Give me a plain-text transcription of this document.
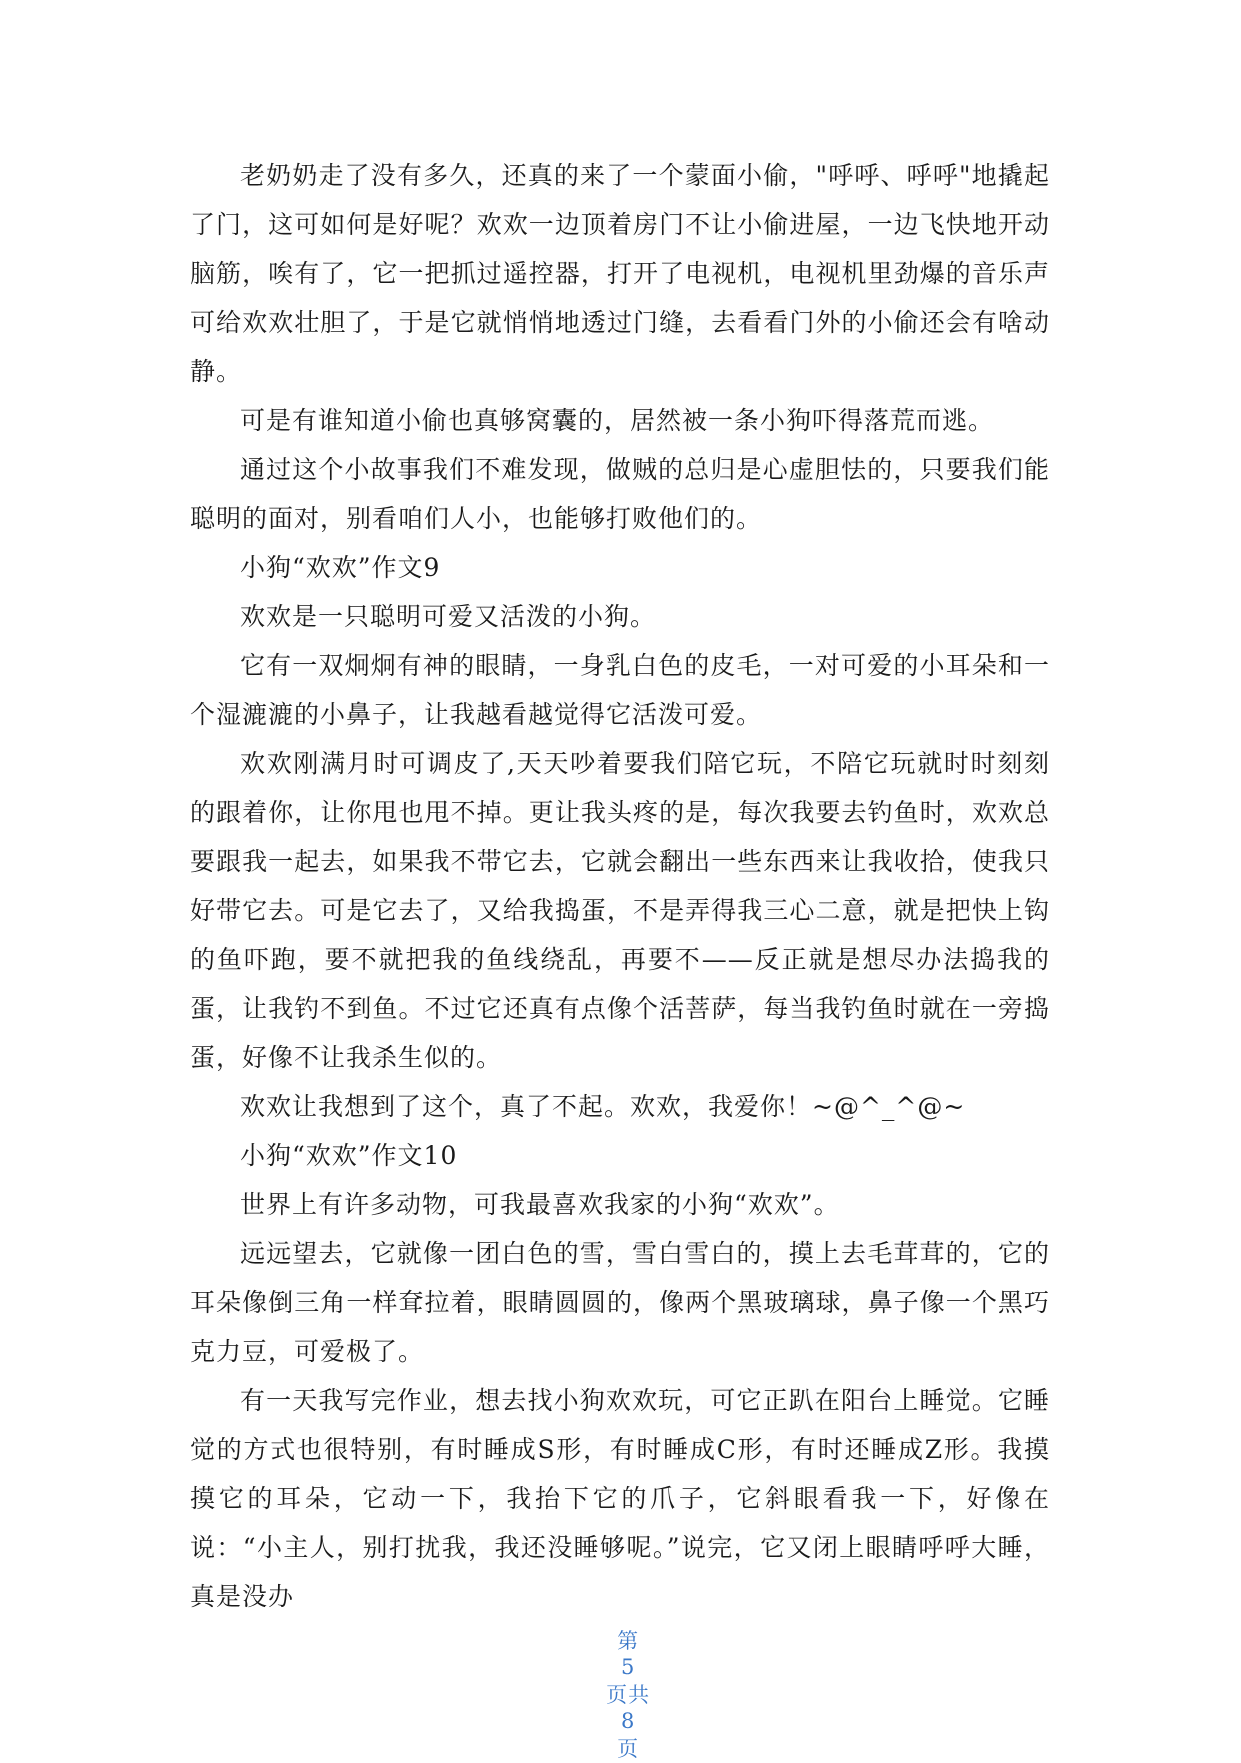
老奶奶走了没有多久，还真的来了一个蒙面小偷，"呼呼、呼呼"地撬起了门，这可如何是好呢？欢欢一边顶着房门不让小偷进屋，一边飞快地开动脑筋，唉有了，它一把抓过遥控器，打开了电视机，电视机里劲爆的音乐声可给欢欢壮胆了，于是它就悄悄地透过门缝，去看看门外的小偷还会有啥动静。

可是有谁知道小偷也真够窝囊的，居然被一条小狗吓得落荒而逃。

通过这个小故事我们不难发现，做贼的总归是心虚胆怯的，只要我们能聪明的面对，别看咱们人小，也能够打败他们的。

小狗“欢欢”作文9

欢欢是一只聪明可爱又活泼的小狗。

它有一双炯炯有神的眼睛，一身乳白色的皮毛，一对可爱的小耳朵和一个湿漉漉的小鼻子，让我越看越觉得它活泼可爱。

欢欢刚满月时可调皮了,天天吵着要我们陪它玩，不陪它玩就时时刻刻的跟着你，让你甩也甩不掉。更让我头疼的是，每次我要去钓鱼时，欢欢总要跟我一起去，如果我不带它去，它就会翻出一些东西来让我收拾，使我只好带它去。可是它去了，又给我捣蛋，不是弄得我三心二意，就是把快上钩的鱼吓跑，要不就把我的鱼线绕乱，再要不——反正就是想尽办法捣我的蛋，让我钓不到鱼。不过它还真有点像个活菩萨，每当我钓鱼时就在一旁捣蛋，好像不让我杀生似的。

欢欢让我想到了这个，真了不起。欢欢，我爱你！~@^_^@~

小狗“欢欢”作文10

世界上有许多动物，可我最喜欢我家的小狗“欢欢”。

远远望去，它就像一团白色的雪，雪白雪白的，摸上去毛茸茸的，它的耳朵像倒三角一样耷拉着，眼睛圆圆的，像两个黑玻璃球，鼻子像一个黑巧克力豆，可爱极了。

有一天我写完作业，想去找小狗欢欢玩，可它正趴在阳台上睡觉。它睡觉的方式也很特别，有时睡成S形，有时睡成C形，有时还睡成Z形。我摸摸它的耳朵，它动一下，我抬下它的爪子，它斜眼看我一下，好像在说：“小主人，别打扰我，我还没睡够呢。”说完，它又闭上眼睛呼呼大睡，真是没办

第
5
页共
8
页
